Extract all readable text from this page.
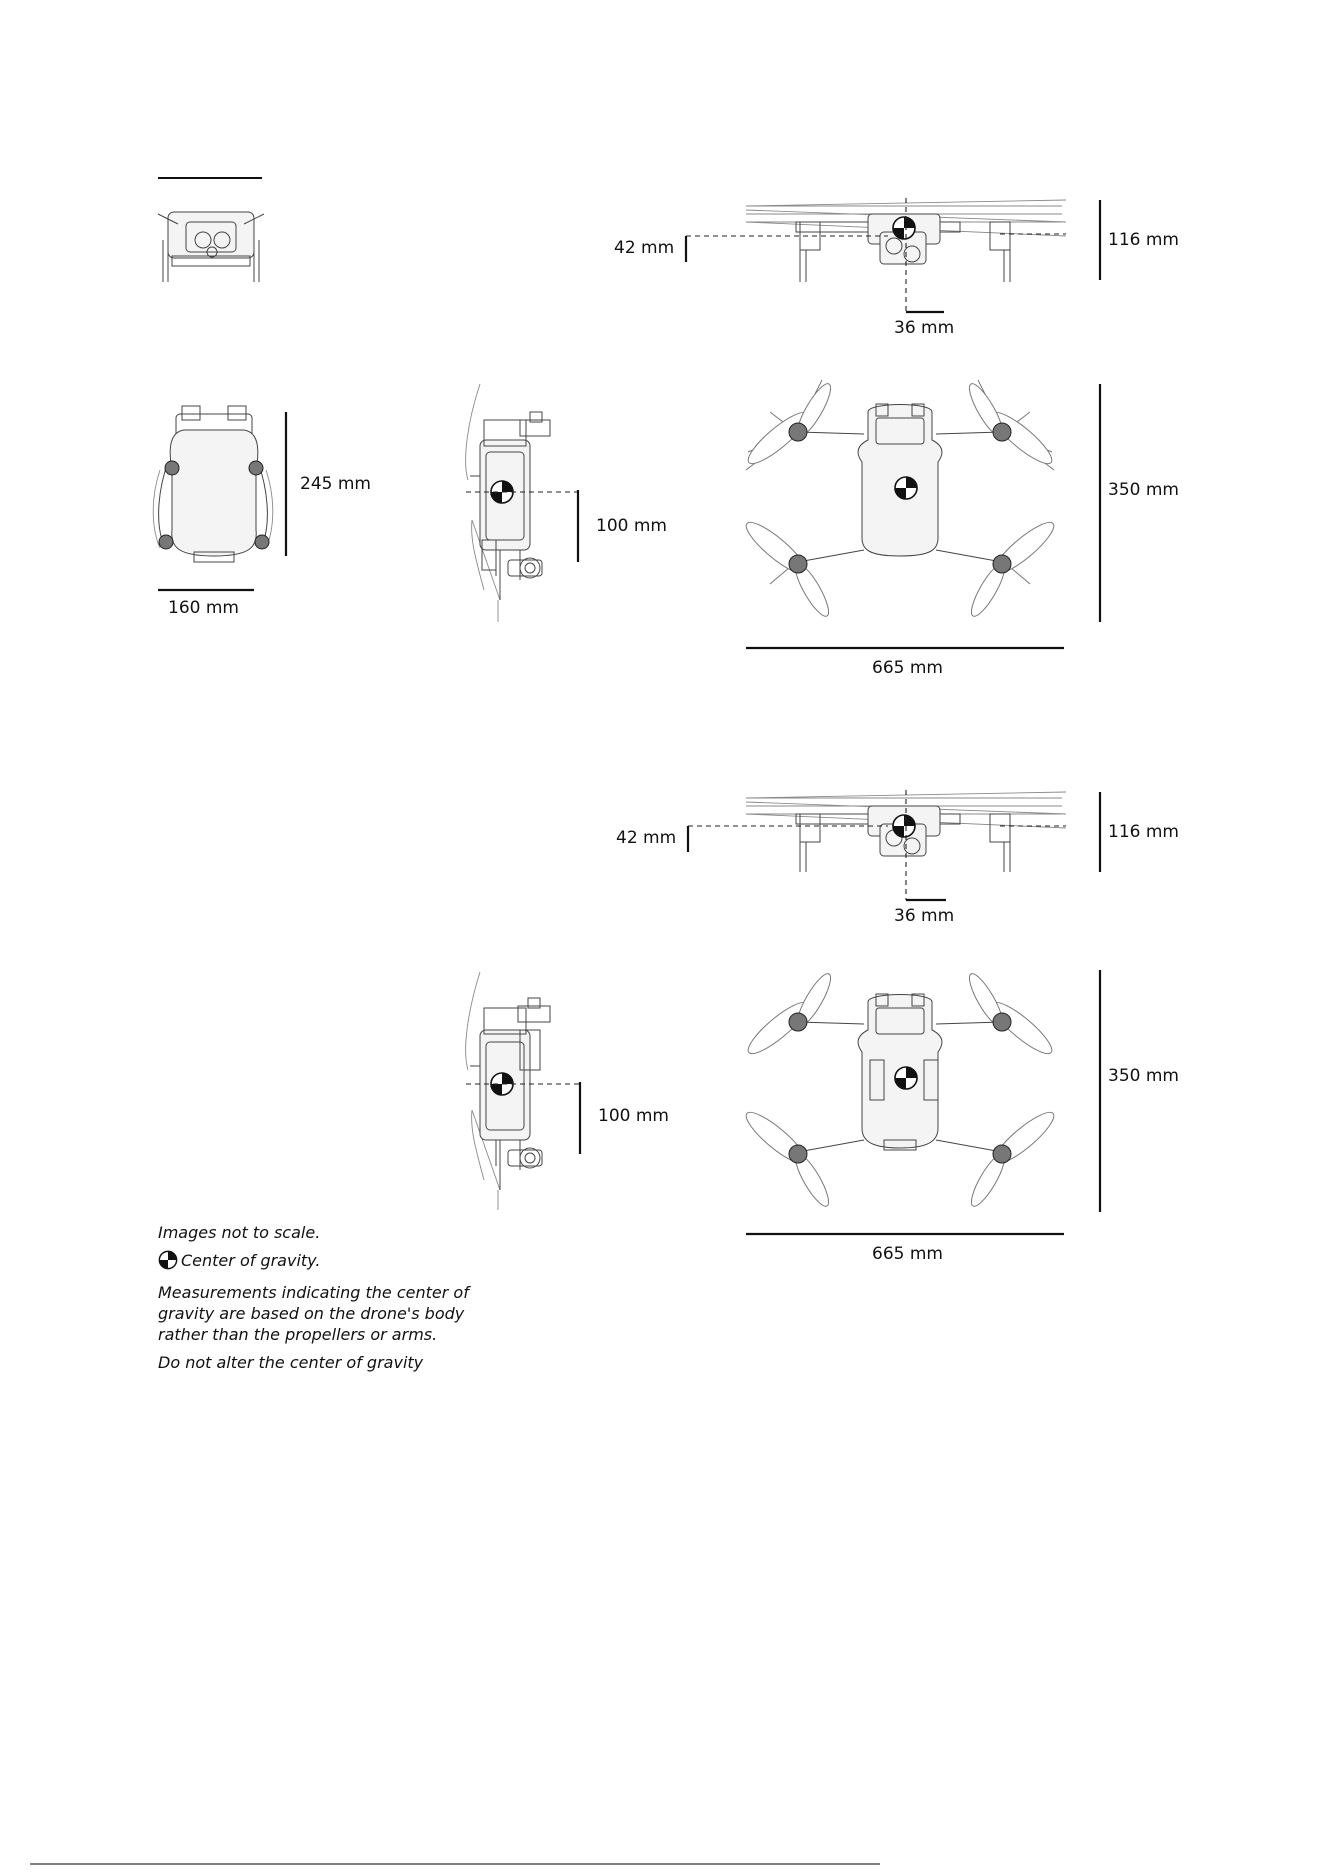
245 mm
160 mm
100 mm
42 mm	116 mm
36 mm
350 mm
665 mm
42 mm	116 mm
36 mm
100 mm
350 mm
665 mm
Images not to scale.
Center of gravity.
Measurements indicating the center of gravity are based on the drone's body rather than the propellers or arms.
Do not alter the center of gravity
